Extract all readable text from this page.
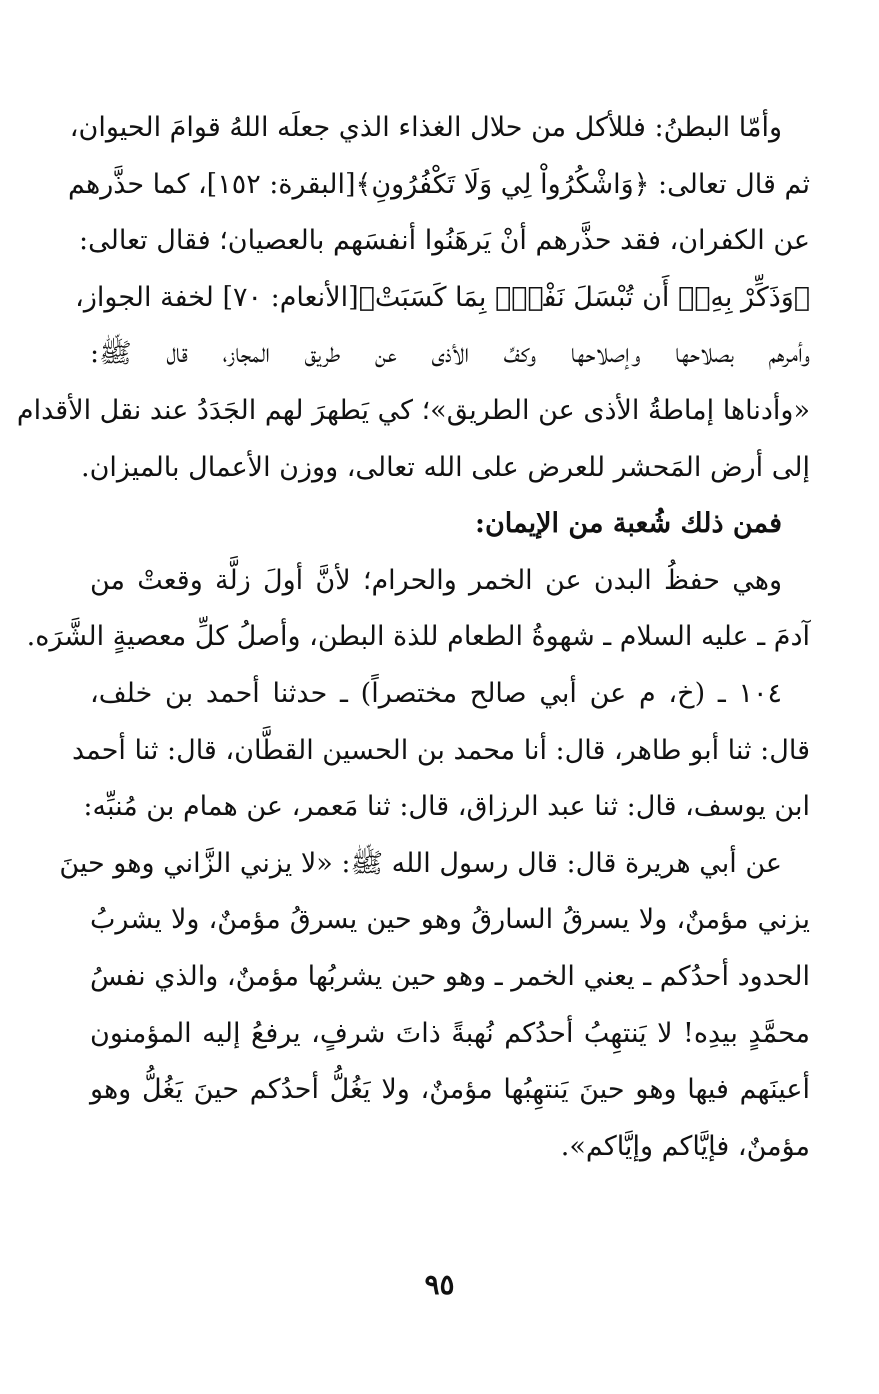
وأمّا البطنُ: فللأكل من حلال الغذاء الذي جعلَه اللهُ قوامَ الحيوان،
ثم قال تعالى: ﴿وَاشْكُرُواْ لِي وَلَا تَكْفُرُونِ﴾[البقرة: ١٥٢]، كما حذَّرهم
عن الكفران، فقد حذَّرهم أنْ يَرهَنُوا أنفسَهم بالعصيان؛ فقال تعالى:
﴿وَذَكِّرْ بِهِۦٓ أَن تُبْسَلَ نَفْسٌۢ بِمَا كَسَبَتْ﴾[الأنعام: ٧٠] لخفة الجواز،
وأمرهم بصلاحها وإصلاحها وكفِّ الأذى عن طريق المجاز، قال ﷺ:
«وأدناها إماطةُ الأذى عن الطريق»؛ كي يَطهرَ لهم الجَدَدُ عند نقل الأقدام
إلى أرض المَحشر للعرض على الله تعالى، ووزن الأعمال بالميزان.
فمن ذلك شُعبة من الإيمان:
وهي حفظُ البدن عن الخمر والحرام؛ لأنَّ أولَ زلَّة وقعتْ من
آدمَ ـ عليه السلام ـ شهوةُ الطعام للذة البطن، وأصلُ كلِّ معصيةٍ الشَّرَه.
١٠٤ ـ (خ، م عن أبي صالح مختصراً) ـ حدثنا أحمد بن خلف،
قال: ثنا أبو طاهر، قال: أنا محمد بن الحسين القطَّان، قال: ثنا أحمد
ابن يوسف، قال: ثنا عبد الرزاق، قال: ثنا مَعمر، عن همام بن مُنبِّه:
عن أبي هريرة قال: قال رسول الله ﷺ: «لا يزني الزَّاني وهو حينَ
يزني مؤمنٌ، ولا يسرقُ السارقُ وهو حين يسرقُ مؤمنٌ، ولا يشربُ
الحدود أحدُكم ـ يعني الخمر ـ وهو حين يشربُها مؤمنٌ، والذي نفسُ
محمَّدٍ بيدِه! لا يَنتهِبُ أحدُكم نُهبةً ذاتَ شرفٍ، يرفعُ إليه المؤمنون
أعينَهم فيها وهو حينَ يَنتهِبُها مؤمنٌ، ولا يَغُلُّ أحدُكم حينَ يَغُلُّ وهو
مؤمنٌ، فإيَّاكم وإيَّاكم».
٩٥
